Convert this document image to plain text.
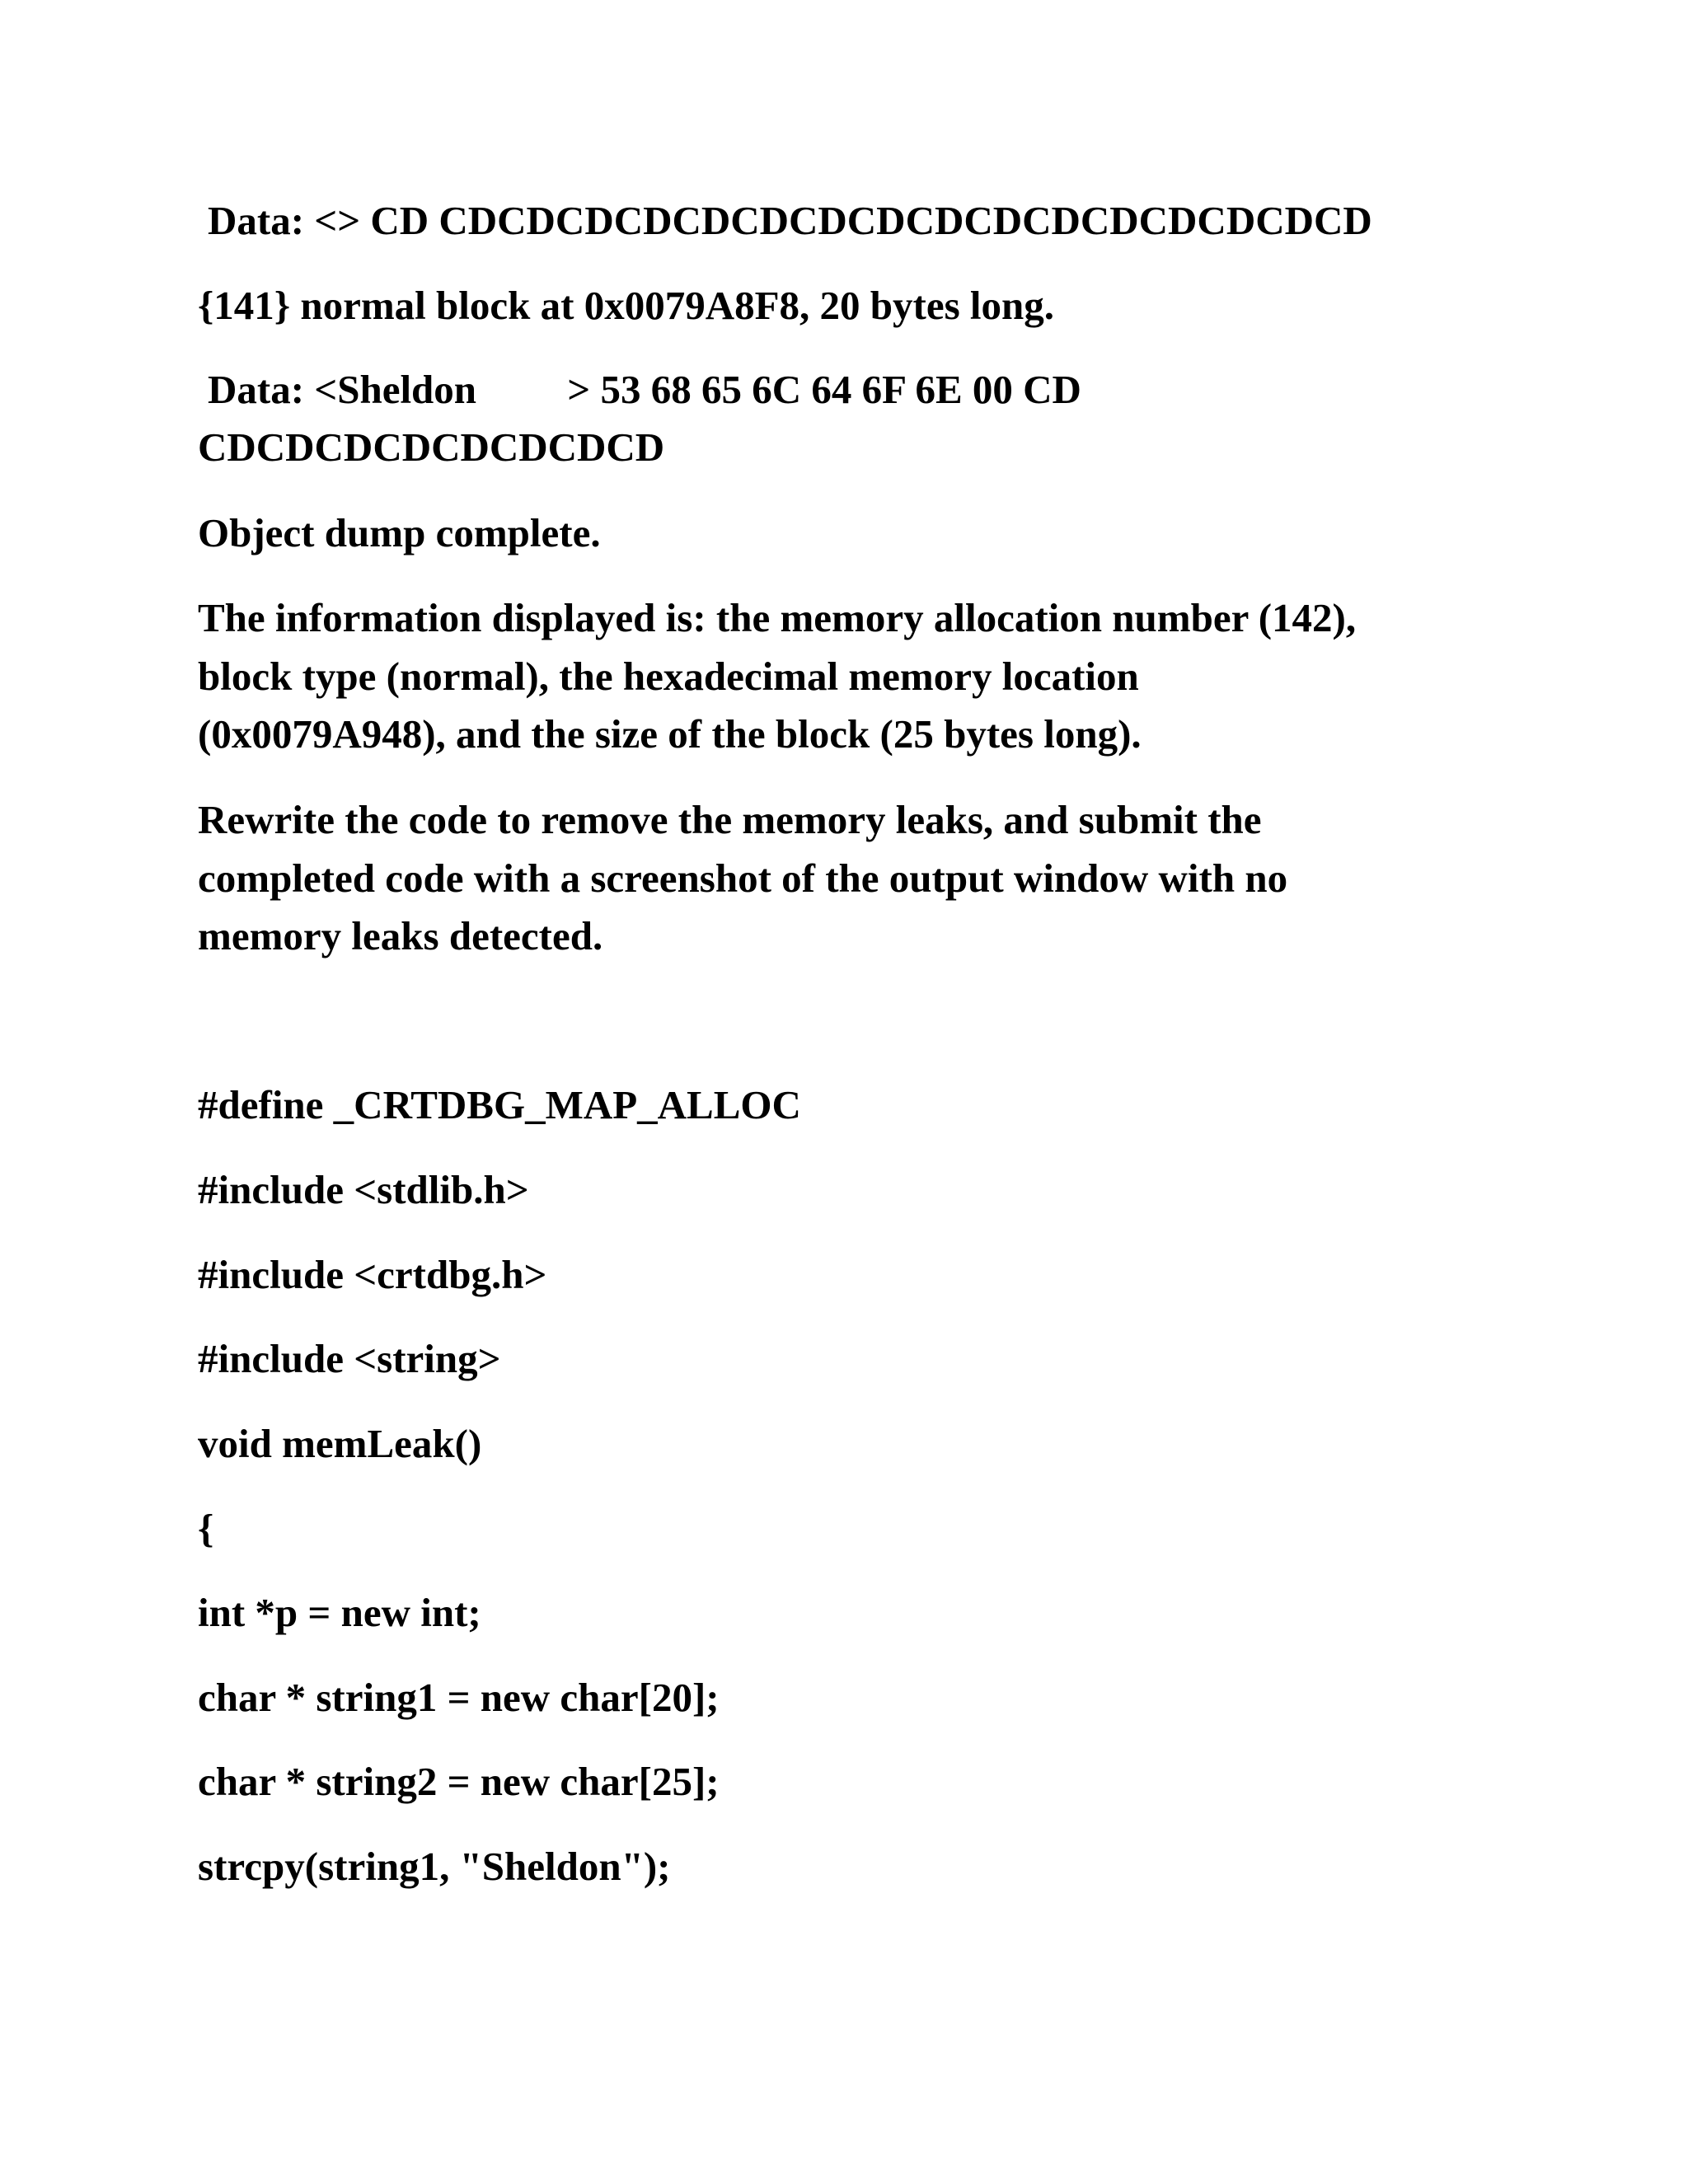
Data: <> CD CDCDCDCDCDCDCDCDCDCDCDCDCDCDCDCD
{141} normal block at 0x0079A8F8, 20 bytes long.
Data: <Sheldon         > 53 68 65 6C 64 6F 6E 00 CD
CDCDCDCDCDCDCDCD
Object dump complete.
The information displayed is: the memory allocation number (142),
block type (normal), the hexadecimal memory location
(0x0079A948), and the size of the block (25 bytes long).
Rewrite the code to remove the memory leaks, and submit the
completed code with a screenshot of the output window with no
memory leaks detected.
#define _CRTDBG_MAP_ALLOC
#include <stdlib.h>
#include <crtdbg.h>
#include <string>
void memLeak()
{
int *p = new int;
char * string1 = new char[20];
char * string2 = new char[25];
strcpy(string1, "Sheldon");
